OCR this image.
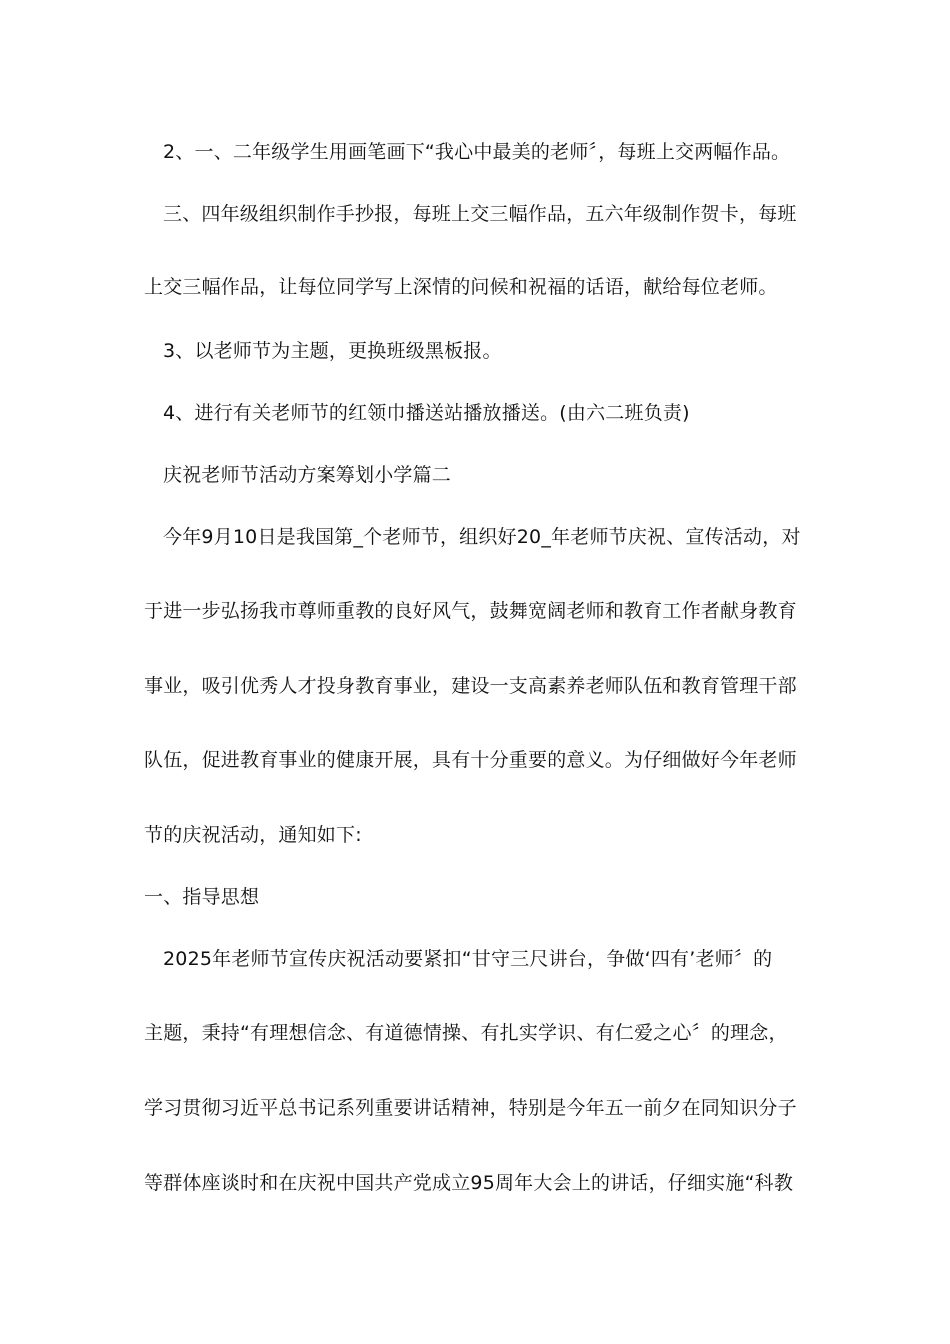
2、一、二年级学生用画笔画下“我心中最美的老师〞，每班上交两幅作品。
三、四年级组织制作手抄报，每班上交三幅作品，五六年级制作贺卡，每班
上交三幅作品，让每位同学写上深情的问候和祝福的话语，献给每位老师。
3、以老师节为主题，更换班级黑板报。
4、进行有关老师节的红领巾播送站播放播送。(由六二班负责)
庆祝老师节活动方案筹划小学篇二
今年9月10日是我国第_个老师节，组织好20_年老师节庆祝、宣传活动，对
于进一步弘扬我市尊师重教的良好风气，鼓舞宽阔老师和教育工作者献身教育
事业，吸引优秀人才投身教育事业，建设一支高素养老师队伍和教育管理干部
队伍，促进教育事业的健康开展，具有十分重要的意义。为仔细做好今年老师
节的庆祝活动，通知如下:
一、指导思想
2025年老师节宣传庆祝活动要紧扣“甘守三尺讲台，争做‘四有’老师〞的
主题，秉持“有理想信念、有道德情操、有扎实学识、有仁爱之心〞的理念，
学习贯彻习近平总书记系列重要讲话精神，特别是今年五一前夕在同知识分子
等群体座谈时和在庆祝中国共产党成立95周年大会上的讲话，仔细实施“科教
